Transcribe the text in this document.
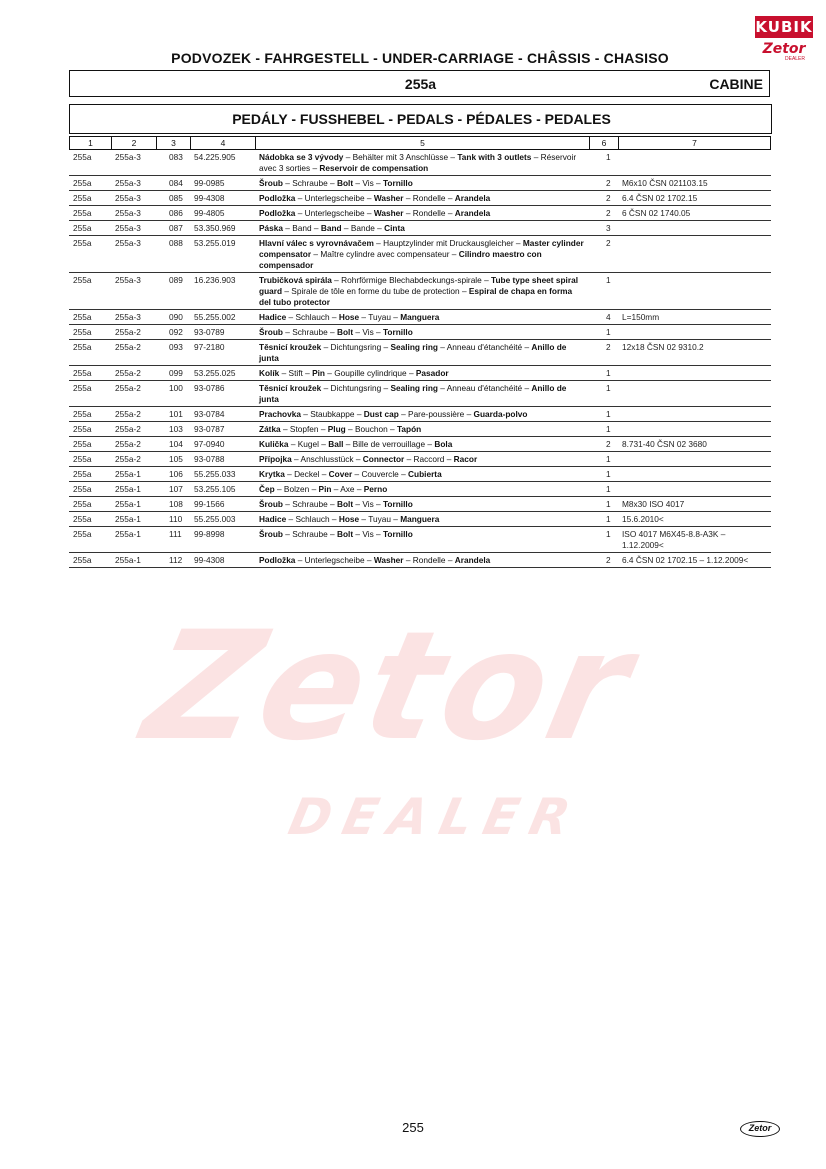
Zetor
DEALER
KUBIK
Zetor
DEALER
PODVOZEK - FAHRGESTELL - UNDER-CARRIAGE - CHÂSSIS - CHASISO
255a	CABINE
PEDÁLY - FUSSHEBEL - PEDALS - PÉDALES - PEDALES
1	2	3	4	5	6	7
255a	255a-3	083	54.225.905	Nádobka se 3 vývody – Behälter mit 3 Anschlüsse – Tank with 3 outlets – Réservoir avec 3 sorties – Reservoir de compensation	1	
255a	255a-3	084	99-0985	Šroub – Schraube – Bolt – Vis – Tornillo	2	M6x10 ČSN 021103.15
255a	255a-3	085	99-4308	Podložka – Unterlegscheibe – Washer – Rondelle – Arandela	2	6.4 ČSN 02 1702.15
255a	255a-3	086	99-4805	Podložka – Unterlegscheibe – Washer – Rondelle – Arandela	2	6 ČSN 02 1740.05
255a	255a-3	087	53.350.969	Páska – Band – Band – Bande – Cinta	3	
255a	255a-3	088	53.255.019	Hlavní válec s vyrovnávačem – Hauptzylinder mit Druckausgleicher – Master cylinder compensator – Maître cylindre avec compensateur – Cilindro maestro con compensador	2	
255a	255a-3	089	16.236.903	Trubičková spirála – Rohrförmige Blechabdeckungs-spirale – Tube type sheet spiral guard – Spirale de tôle en forme du tube de protection – Espiral de chapa en forma del tubo protector	1	
255a	255a-3	090	55.255.002	Hadice – Schlauch – Hose – Tuyau – Manguera	4	L=150mm
255a	255a-2	092	93-0789	Šroub – Schraube – Bolt – Vis – Tornillo	1	
255a	255a-2	093	97-2180	Těsnicí kroužek – Dichtungsring – Sealing ring – Anneau d'étanchéité – Anillo de junta	2	12x18 ČSN 02 9310.2
255a	255a-2	099	53.255.025	Kolík – Stift – Pin – Goupille cylindrique – Pasador	1	
255a	255a-2	100	93-0786	Těsnicí kroužek – Dichtungsring – Sealing ring – Anneau d'étanchéité – Anillo de junta	1	
255a	255a-2	101	93-0784	Prachovka – Staubkappe – Dust cap – Pare-poussière – Guarda-polvo	1	
255a	255a-2	103	93-0787	Zátka – Stopfen – Plug – Bouchon – Tapón	1	
255a	255a-2	104	97-0940	Kulička – Kugel – Ball – Bille de verrouillage – Bola	2	8.731-40 ČSN 02 3680
255a	255a-2	105	93-0788	Přípojka – Anschlusstück – Connector – Raccord – Racor	1	
255a	255a-1	106	55.255.033	Krytka – Deckel – Cover – Couvercle – Cubierta	1	
255a	255a-1	107	53.255.105	Čep – Bolzen – Pin – Axe – Perno	1	
255a	255a-1	108	99-1566	Šroub – Schraube – Bolt – Vis – Tornillo	1	M8x30 ISO 4017
255a	255a-1	110	55.255.003	Hadice – Schlauch – Hose – Tuyau – Manguera	1	15.6.2010<
255a	255a-1	111	99-8998	Šroub – Schraube – Bolt – Vis – Tornillo	1	ISO 4017 M6X45-8.8-A3K – 1.12.2009<
255a	255a-1	112	99-4308	Podložka – Unterlegscheibe – Washer – Rondelle – Arandela	2	6.4 ČSN 02 1702.15 – 1.12.2009<
255	Zetor
